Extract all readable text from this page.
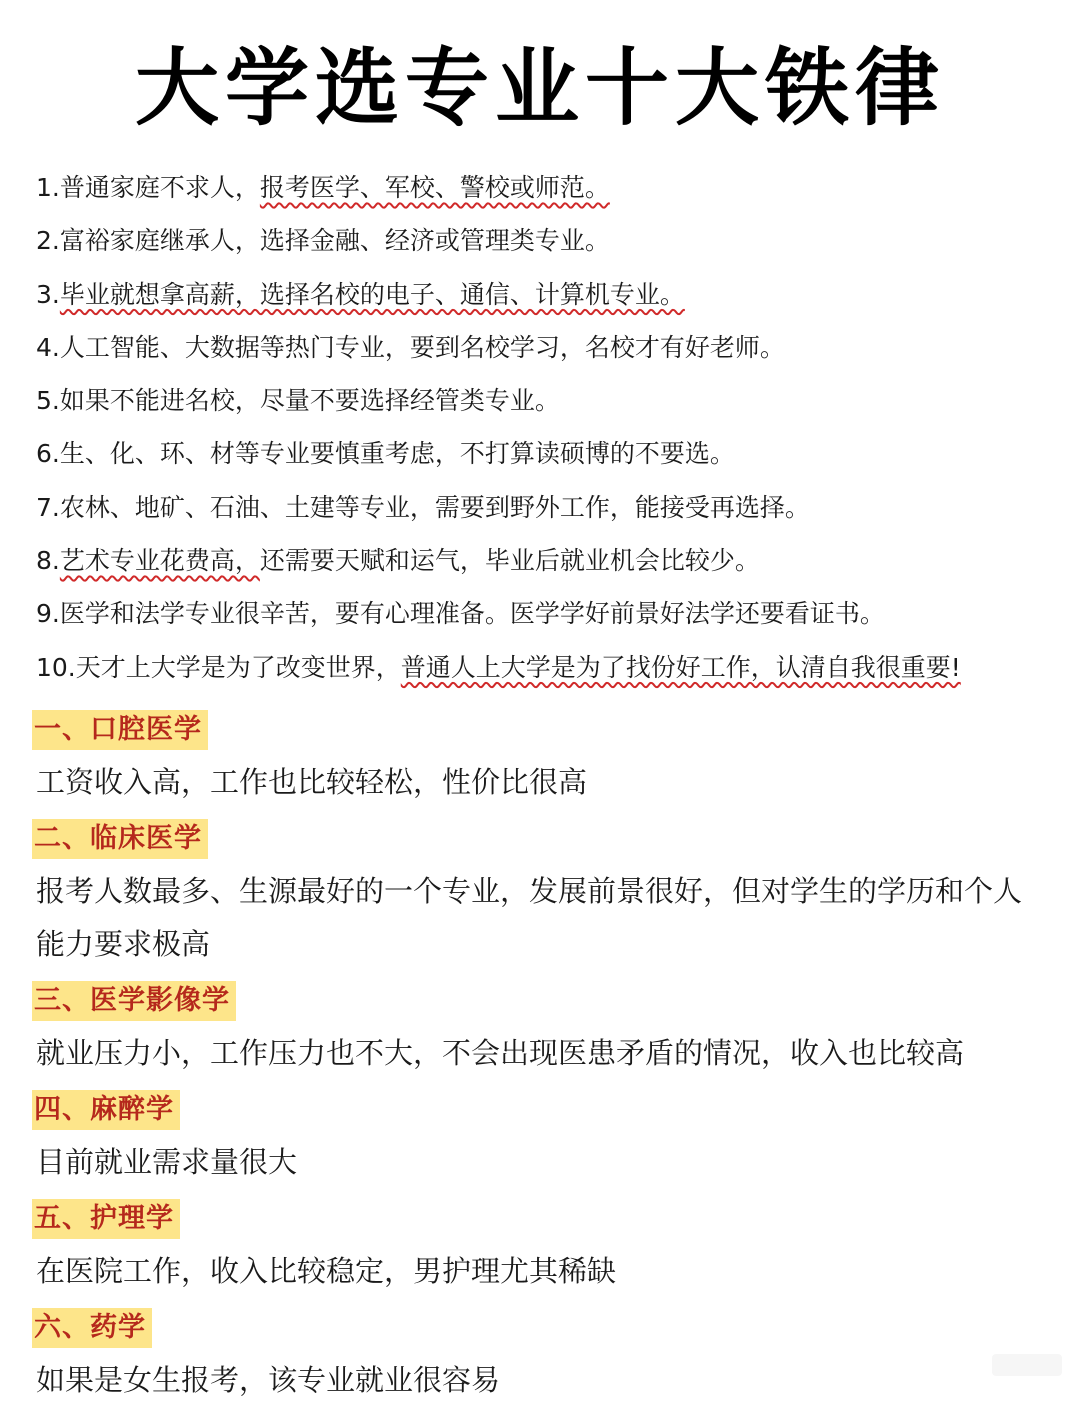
大学选专业十大铁律
1.普通家庭不求人，报考医学、军校、警校或师范。
2.富裕家庭继承人，选择金融、经济或管理类专业。
3.毕业就想拿高薪，选择名校的电子、通信、计算机专业。
4.人工智能、大数据等热门专业，要到名校学习，名校才有好老师。
5.如果不能进名校，尽量不要选择经管类专业。
6.生、化、环、材等专业要慎重考虑，不打算读硕博的不要选。
7.农林、地矿、石油、土建等专业，需要到野外工作，能接受再选择。
8.艺术专业花费高，还需要天赋和运气，毕业后就业机会比较少。
9.医学和法学专业很辛苦，要有心理准备。医学学好前景好法学还要看证书。
10.天才上大学是为了改变世界，普通人上大学是为了找份好工作，认清自我很重要!
一、口腔医学
工资收入高，工作也比较轻松，性价比很高
二、临床医学
报考人数最多、生源最好的一个专业，发展前景很好，但对学生的学历和个人能力要求极高
三、医学影像学
就业压力小，工作压力也不大，不会出现医患矛盾的情况，收入也比较高
四、麻醉学
目前就业需求量很大
五、护理学
在医院工作，收入比较稳定，男护理尤其稀缺
六、药学
如果是女生报考，该专业就业很容易
